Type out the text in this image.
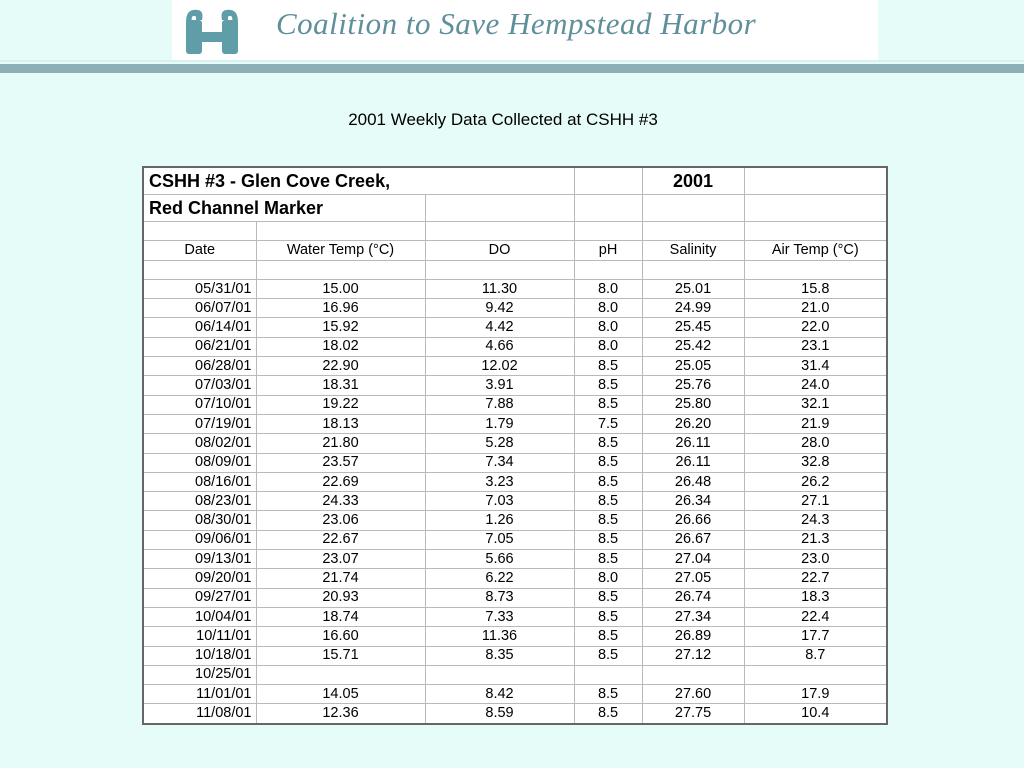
Coalition to Save Hempstead Harbor
2001 Weekly Data Collected at CSHH #3
CSHH #3 - Glen Cove Creek,				2001	
Red Channel Marker					

Date	Water Temp (°C)	DO	pH	Salinity	Air Temp (°C)

05/31/01	15.00	11.30	8.0	25.01	15.8
06/07/01	16.96	9.42	8.0	24.99	21.0
06/14/01	15.92	4.42	8.0	25.45	22.0
06/21/01	18.02	4.66	8.0	25.42	23.1
06/28/01	22.90	12.02	8.5	25.05	31.4
07/03/01	18.31	3.91	8.5	25.76	24.0
07/10/01	19.22	7.88	8.5	25.80	32.1
07/19/01	18.13	1.79	7.5	26.20	21.9
08/02/01	21.80	5.28	8.5	26.11	28.0
08/09/01	23.57	7.34	8.5	26.11	32.8
08/16/01	22.69	3.23	8.5	26.48	26.2
08/23/01	24.33	7.03	8.5	26.34	27.1
08/30/01	23.06	1.26	8.5	26.66	24.3
09/06/01	22.67	7.05	8.5	26.67	21.3
09/13/01	23.07	5.66	8.5	27.04	23.0
09/20/01	21.74	6.22	8.0	27.05	22.7
09/27/01	20.93	8.73	8.5	26.74	18.3
10/04/01	18.74	7.33	8.5	27.34	22.4
10/11/01	16.60	11.36	8.5	26.89	17.7
10/18/01	15.71	8.35	8.5	27.12	8.7
10/25/01					
11/01/01	14.05	8.42	8.5	27.60	17.9
11/08/01	12.36	8.59	8.5	27.75	10.4
